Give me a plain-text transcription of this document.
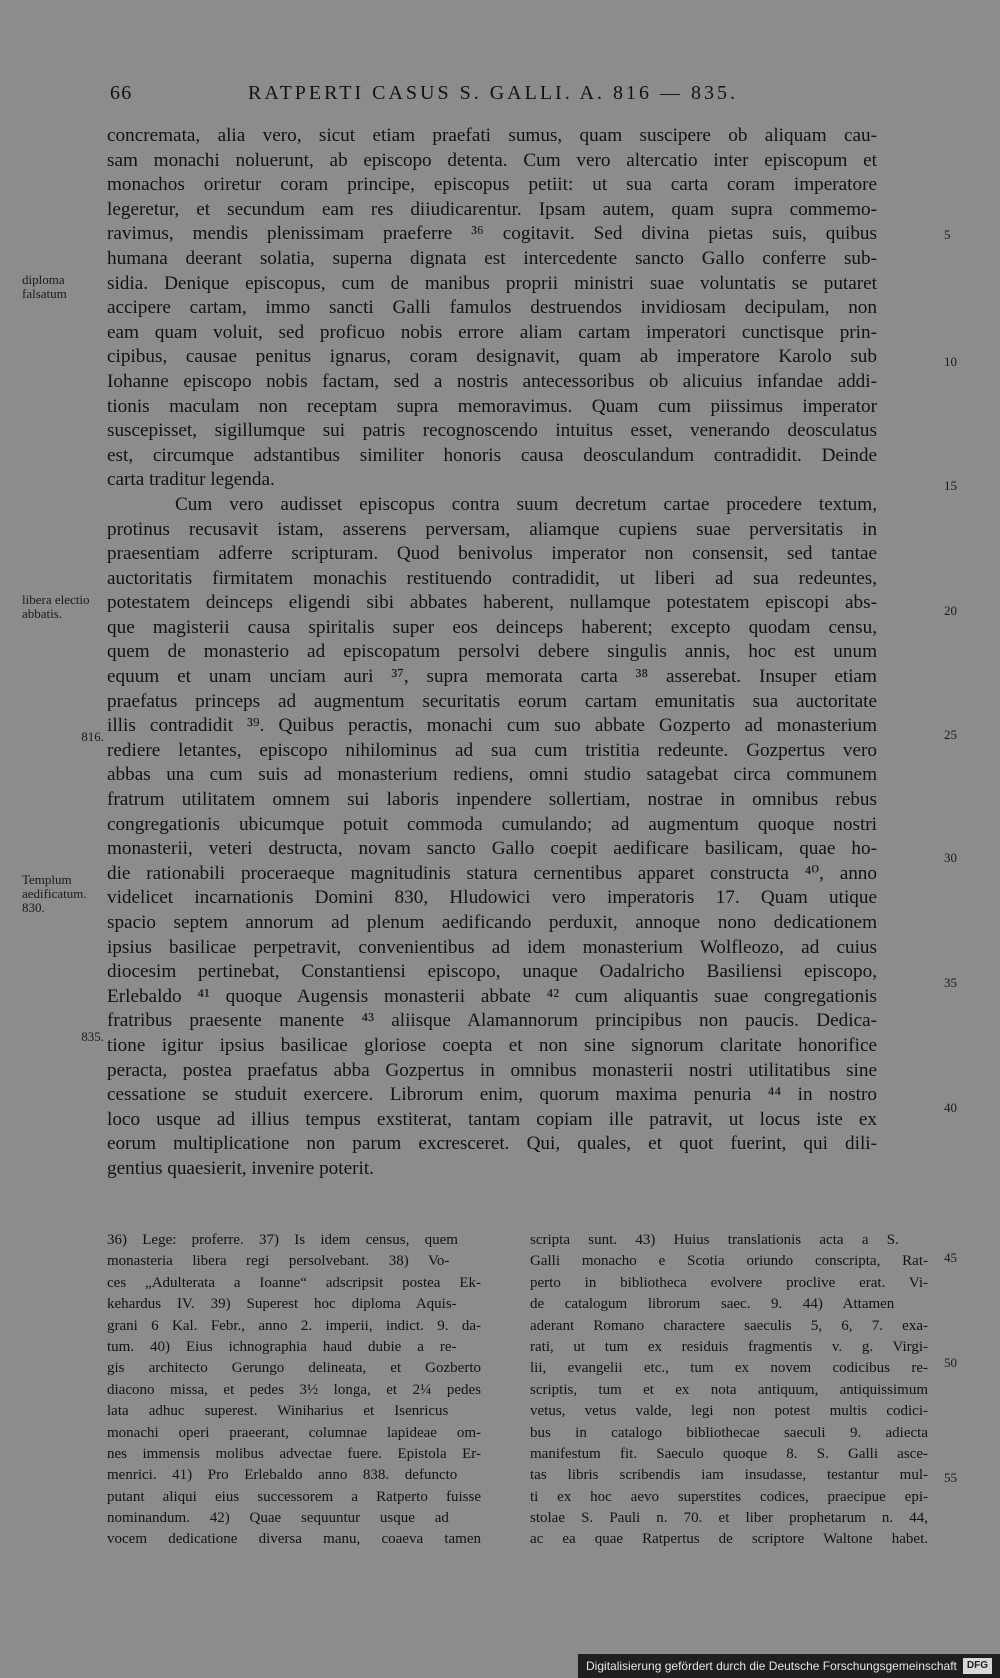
66	RATPERTI CASUS S. GALLI. A. 816 — 835.
concremata, alia vero, sicut etiam praefati sumus, quam suscipere ob aliquam cau-
sam monachi noluerunt, ab episcopo detenta. Cum vero altercatio inter episcopum et
monachos oriretur coram principe, episcopus petiit: ut sua carta coram imperatore
legeretur, et secundum eam res diiudicarentur. Ipsam autem, quam supra commemo-
ravimus, mendis plenissimam praeferre ³⁶ cogitavit. Sed divina pietas suis, quibus
humana deerant solatia, superna dignata est intercedente sancto Gallo conferre sub-
sidia. Denique episcopus, cum de manibus proprii ministri suae voluntatis se putaret
accipere cartam, immo sancti Galli famulos destruendos invidiosam decipulam, non
eam quam voluit, sed proficuo nobis errore aliam cartam imperatori cunctisque prin-
cipibus, causae penitus ignarus, coram designavit, quam ab imperatore Karolo sub
Iohanne episcopo nobis factam, sed a nostris antecessoribus ob alicuius infandae addi-
tionis maculam non receptam supra memoravimus. Quam cum piissimus imperator
suscepisset, sigillumque sui patris recognoscendo intuitus esset, venerando deosculatus
est, circumque adstantibus similiter honoris causa deosculandum contradidit. Deinde
carta traditur legenda.
Cum vero audisset episcopus contra suum decretum cartae procedere textum,
protinus recusavit istam, asserens perversam, aliamque cupiens suae perversitatis in
praesentiam adferre scripturam. Quod benivolus imperator non consensit, sed tantae
auctoritatis firmitatem monachis restituendo contradidit, ut liberi ad sua redeuntes,
potestatem deinceps eligendi sibi abbates haberent, nullamque potestatem episcopi abs-
que magisterii causa spiritalis super eos deinceps haberent; excepto quodam censu,
quem de monasterio ad episcopatum persolvi debere singulis annis, hoc est unum
equum et unam unciam auri ³⁷, supra memorata carta ³⁸ asserebat. Insuper etiam
praefatus princeps ad augmentum securitatis eorum cartam emunitatis sua auctoritate
illis contradidit ³⁹. Quibus peractis, monachi cum suo abbate Gozperto ad monasterium
rediere letantes, episcopo nihilominus ad sua cum tristitia redeunte. Gozpertus vero
abbas una cum suis ad monasterium rediens, omni studio satagebat circa communem
fratrum utilitatem omnem sui laboris inpendere sollertiam, nostrae in omnibus rebus
congregationis ubicumque potuit commoda cumulando; ad augmentum quoque nostri
monasterii, veteri destructa, novam sancto Gallo coepit aedificare basilicam, quae ho-
die rationabili proceraeque magnitudinis statura cernentibus apparet constructa ⁴⁰, anno
videlicet incarnationis Domini 830, Hludowici vero imperatoris 17. Quam utique
spacio septem annorum ad plenum aedificando perduxit, annoque nono dedicationem
ipsius basilicae perpetravit, convenientibus ad idem monasterium Wolfleozo, ad cuius
diocesim pertinebat, Constantiensi episcopo, unaque Oadalricho Basiliensi episcopo,
Erlebaldo ⁴¹ quoque Augensis monasterii abbate ⁴² cum aliquantis suae congregationis
fratribus praesente manente ⁴³ aliisque Alamannorum principibus non paucis. Dedica-
tione igitur ipsius basilicae gloriose coepta et non sine signorum claritate honorifice
peracta, postea praefatus abba Gozpertus in omnibus monasterii nostri utilitatibus sine
cessatione se studuit exercere. Librorum enim, quorum maxima penuria ⁴⁴ in nostro
loco usque ad illius tempus exstiterat, tantam copiam ille patravit, ut locus iste ex
eorum multiplicatione non parum excresceret. Qui, quales, et quot fuerint, qui dili-
gentius quaesierit, invenire poterit.
diploma falsatum
libera electio abbatis.
816.
Templum aedificatum. 830.
835.
5
10
15
20
25
30
35
40
45
50
55
36) Lege: proferre. 37) Is idem census, quem
monasteria libera regi persolvebant. 38) Vo-
ces „Adulterata a Ioanne“ adscripsit postea Ek-
kehardus IV. 39) Superest hoc diploma Aquis-
grani 6 Kal. Febr., anno 2. imperii, indict. 9. da-
tum. 40) Eius ichnographia haud dubie a re-
gis architecto Gerungo delineata, et Gozberto
diacono missa, et pedes 3½ longa, et 2¼ pedes
lata adhuc superest. Winiharius et Isenricus
monachi operi praeerant, columnae lapideae om-
nes immensis molibus advectae fuere. Epistola Er-
menrici. 41) Pro Erlebaldo anno 838. defuncto
putant aliqui eius successorem a Ratperto fuisse
nominandum. 42) Quae sequuntur usque ad
vocem dedicatione diversa manu, coaeva tamen
scripta sunt. 43) Huius translationis acta a S.
Galli monacho e Scotia oriundo conscripta, Rat-
perto in bibliotheca evolvere proclive erat. Vi-
de catalogum librorum saec. 9. 44) Attamen
aderant Romano charactere saeculis 5, 6, 7. exa-
rati, ut tum ex residuis fragmentis v. g. Virgi-
lii, evangelii etc., tum ex novem codicibus re-
scriptis, tum et ex nota antiquum, antiquissimum
vetus, vetus valde, legi non potest multis codici-
bus in catalogo bibliothecae saeculi 9. adiecta
manifestum fit. Saeculo quoque 8. S. Galli asce-
tas libris scribendis iam insudasse, testantur mul-
ti ex hoc aevo superstites codices, praecipue epi-
stolae S. Pauli n. 70. et liber prophetarum n. 44,
ac ea quae Ratpertus de scriptore Waltone habet.
Digitalisierung gefördert durch die Deutsche Forschungsgemeinschaft	DFG
